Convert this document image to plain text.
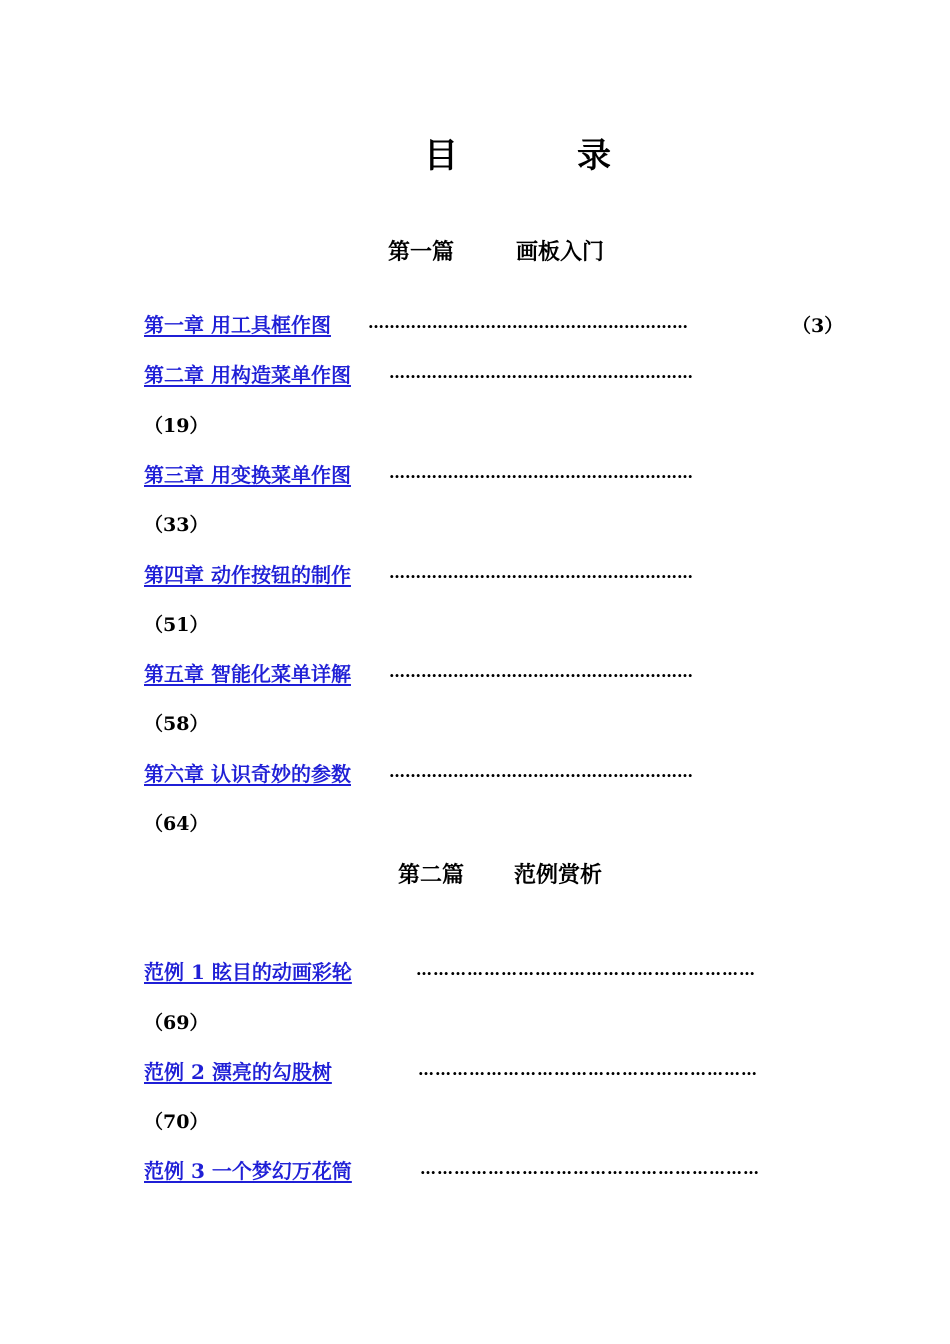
目	录
第一篇	画板入门
第一章 用工具框作图 ……………………………………………………	（3）
第二章 用构造菜单作图 …………………………………………………
（19）
第三章 用变换菜单作图 …………………………………………………
（33）
第四章 动作按钮的制作 …………………………………………………
（51）
第五章 智能化菜单详解 …………………………………………………
（58）
第六章 认识奇妙的参数 …………………………………………………
（64）
第二篇 范例赏析
范例 1 眩目的动画彩轮	……………………………………………………
（69）
范例 2 漂亮的勾股树	……………………………………………………
（70）
范例 3 一个梦幻万花筒	……………………………………………………
